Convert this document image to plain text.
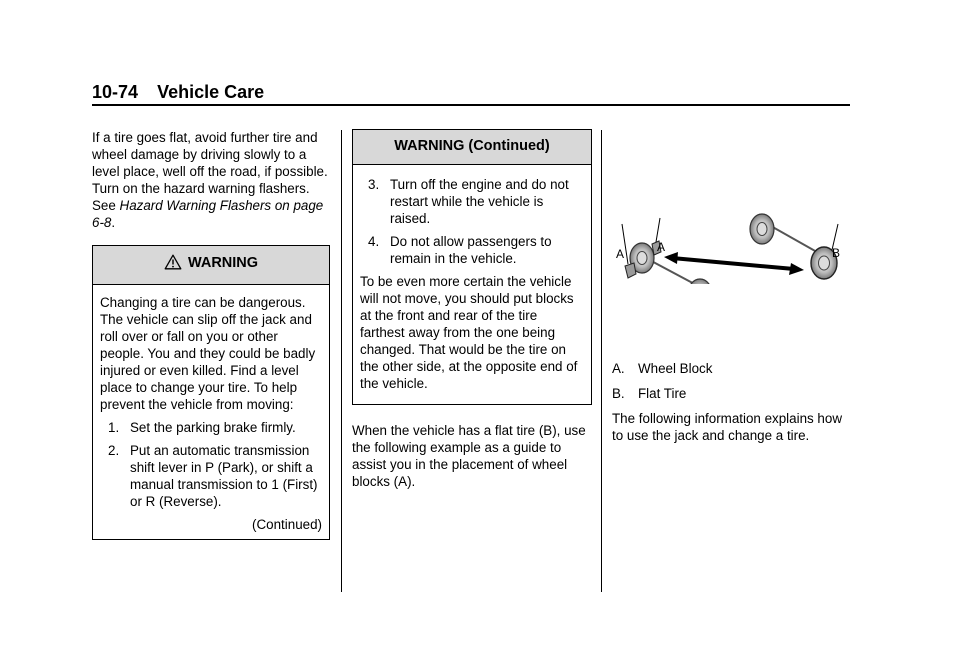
10-74 Vehicle Care

If a tire goes flat, avoid further tire and wheel damage by driving slowly to a level place, well off the road, if possible. Turn on the hazard warning flashers. See Hazard Warning Flashers on page 6-8.

WARNING

Changing a tire can be dangerous. The vehicle can slip off the jack and roll over or fall on you or other people. You and they could be badly injured or even killed. Find a level place to change your tire. To help prevent the vehicle from moving:

1. Set the parking brake firmly.
2. Put an automatic transmission shift lever in P (Park), or shift a manual transmission to 1 (First) or R (Reverse).
(Continued)
WARNING (Continued)
3. Turn off the engine and do not restart while the vehicle is raised.
4. Do not allow passengers to remain in the vehicle.

To be even more certain the vehicle will not move, you should put blocks at the front and rear of the tire farthest away from the one being changed. That would be the tire on the other side, at the opposite end of the vehicle.

When the vehicle has a flat tire (B), use the following example as a guide to assist you in the placement of wheel blocks (A).

A	A	B

A. Wheel Block

B. Flat Tire

The following information explains how to use the jack and change a tire.
